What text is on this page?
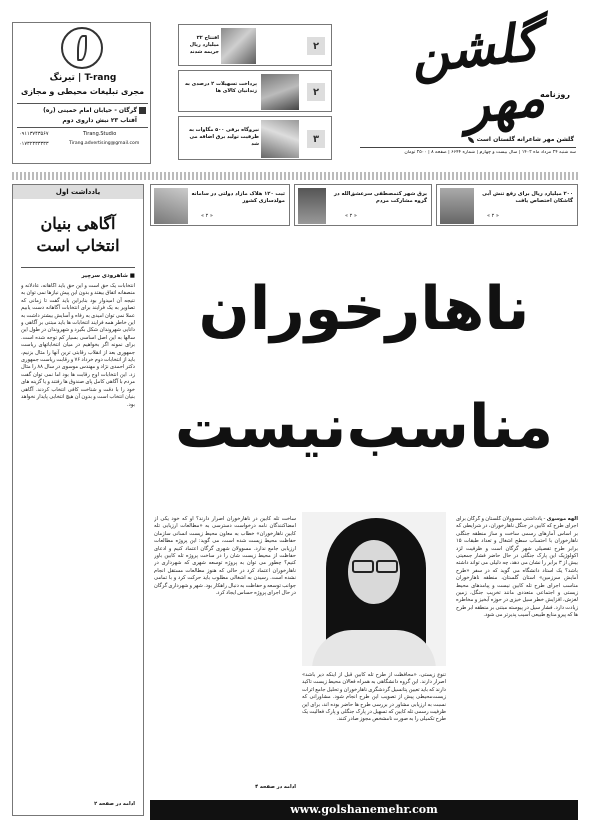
گلشن مهر
روزنامه
گلشن مهر شاعرانه گلستان است
سه شنبه ۲۴ مرداد ماه ۱۴۰۲ | سال بیست و چهارم | شماره ۶۶۴۴ | صفحه ۸ | ۲۵۰۰ تومان
افتتاح ۳۲ میلیارد ریال جریمه شدند
۲
پرداخت تسهیلات ۲ درصدی به زندانیان کالای ها	۲
نیروگاه برقی ۵۰۰ مگاوات به ظرفیت تولید برق اضافه می شد	۳
تیرنگ | T-rang
مجری تبلیغات محیطی و مجازی
گرگان - خیابان امام خمینی (ره)
آفتاب ۲۳ نبش داروی دوم
Tirang.Studio
۰۹۱۱۳۷۴۳۵۶۷
Tirang.advertising@gmail.com
۰۱۷۳۲۳۳۳۳۳۳
۲۰۰ میلیارد ریال برای رفع تنش آبی گاشکان اختصاص یافت
« ۲ »
برق شهر کتمصطفی سرعشق‌الله در گروه مشارکت مردم
« ۲ »
ثبت ۱۲۰ هلاک مازاد دولتی در سامانه مولدسازی کشور
« ۲ »
یادداشت اول
آگاهی بنیان
انتخاب است
■ شاهرودی سرچیر
انتخابات یک حق است و این حق باید آگاهانه، عادلانه و منصفانه اتفاق بیفتد و بدون این پیش نیازها نمی توان به نتیجه آن امیدوار بود بنابراین باید گفت تا زمانی که تصاویر به یک فرایند برای انتخابات آگاهانه دست یابیم عملا نمی توان امیدی به رفاه و آسایش بیشتر داشت به این خاطر همه فرایند انتخابات ها باید مبتنی بر آگاهی و دانایی شهروندان شکل بگیرد و شهروندان در طول این سالها به این اصل اساسی بسیار کم توجه شده است. برای نمونه اگر بخواهیم در میان انتخاباتهای ریاست جمهوری بعد از انقلاب رقابتی ترین آنها را مثال بزنیم، باید از انتخابات دوم خرداد ۷۶ و رقابت ریاست جمهوری دکتر احمدی نژاد و مهندس موسوی در سال ۸۸ را مثال زد. این انتخابات اوج رقابت ها بود اما نمی توان گفت مردم با آگاهی کامل پای صندوق ها رفتند و یا گزینه های خود را با دقت و شناخت کافی انتخاب کردند. آگاهی بنیان انتخاب است و بدون آن هیچ انتخابی پایدار نخواهد بود.
ادامه در صفحه ۲
ناهارخوران
مناسب‌نیست
الهه موسوی - یادداشتی مسوولان گلستان و گرگان برای اجرای طرح که کابین در جنگل ناهارخوران، در شرایطی که بر اساس آمارهای رسمی ساخت و ساز منطقه جنگلی ناهارخوران با احتساب سطح اشغال و تعداد طبقات ۱۵ برابر طرح تفصیلی شهر گرگان است و ظرفیت لزد اکولوژیک این پارک جنگلی در حال حاضر فشار جمعیتی بیش از ۳ برابر را نشان می دهد، چه دلیلی می تواند داشته باشد؟ یک استاد دانشگاه می گوید که در سفر «طرح آمایش سرزمین» استان گلستان، منطقه ناهارخوران مناسب اجرای طرح تله کابین نیست و پیامدهای محیط زیستی و اجتماعی متعددی مانند تخریب جنگل، زمین لغزش، افزایش خطر سیل خیزی در حوزه آبخیز و مخاطره زیادت دارد. فشار سیل در پیوسته مبتنی بر منطقه ابر طرح ها که پیرو منابع طبیعی آسیب پذیرتر می شود.
تنوع زیستی، «محافظت از طرح تله کابین قبل از اینکه دیر باشد» اصرار دارند. این گروه دانشگاهی به همراه فعالان محیط زیست تاکید دارند که باید تعیین پتانسیل گردشگری ناهارخوران و تحلیل جامع اثرات زیست‌محیطی پیش از تصویب این طرح انجام شود. مشاورانی که نسبت به ارزیابی مشاور در بررسی طرح ها حاضر بوده اند، برای این ظرفیت رسمی تله کابین که تسهیل در پارک جنگلی و پارک فعالیت یک طرح تکمیلی را به صورت نامشخص مجوز صادر کنند.
ساخت تله کابین در ناهارخوران اصرار دارند؟ او که خود یکی از امضاکنندگان نامه درخواست دسترسی به «مطالعات ارزیابی تله کابین ناهارخوران» خطاب به معاون محیط زیست انسانی سازمان حفاظت محیط زیست شده است، می گوید: این پروژه مطالعات ارزیابی جامع ندارد. مسوولان شهری گرگان اعتماد کنیم و ادعای حفاظت از محیط زیست شان را در ساخت پروژه تله کابین باور کنیم؟ چطور می توان به پروژه توسعه شهری که شهرداری در ناهارخوران اعتماد کرد در حالی که هنوز مطالعات مستقل انجام نشده است. رسیدن به اشغالی مطلوب باید حرکت کرد و با تمامی جوانب توسعه و حفاظت به دنبال راهکار بود. شهر و شهرداری گرگان در حال اجرای پروژه حساس ایجاد کرد.
ادامه در صفحه ۴
www.golshanemehr.com
